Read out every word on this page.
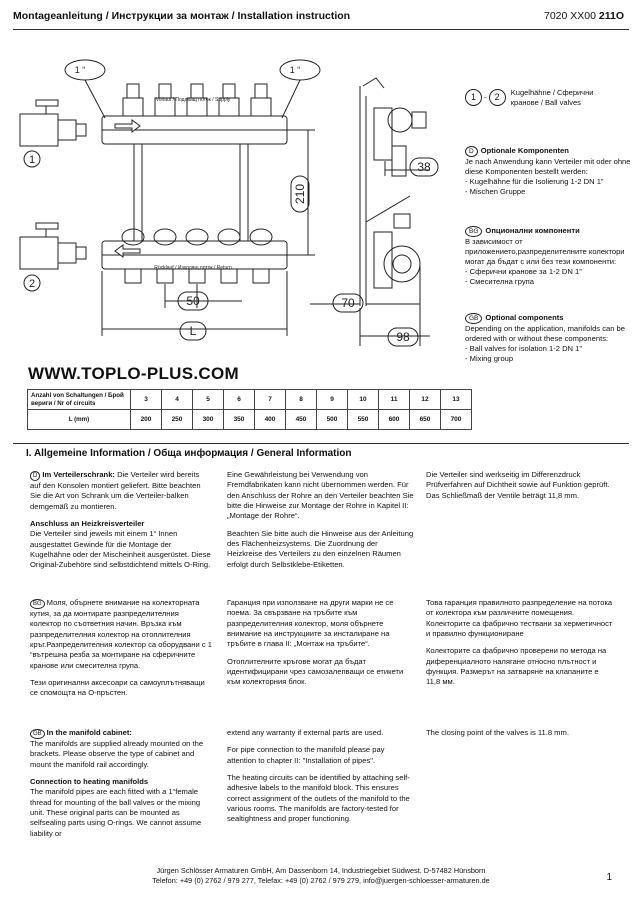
Montageanleitung / Инструкции за монтаж / Installation instruction	7020 XX00 211O
1 “	1 “
1
2
Vorlauf / Подаващ поток / Supply
Rücklauf / Изходящ поток / Return
50
L
210
38
70
98
1 - 2 Kugelhähne / Сферични кранове / Ball valves
D Optionale Komponenten
Je nach Anwendung kann Verteiler mit oder ohne diese Komponenten bestellt werden:
- Kugelhähne für die Isolierung 1-2 DN 1”
- Mischen Gruppe
BG Опционални компоненти
В зависимост от приложението,разпределителните колектори могат да бъдат с или без тези компоненти:
- Сферични кранове за 1-2 DN 1”
- Смесителна група
GB Optional components
Depending on the application, manifolds can be ordered with or without these components:
- Ball valves for isolation 1-2 DN 1”
- Mixing group
WWW.TOPLO-PLUS.COM
Anzahl von Schaltungen / Брой вериги / Nr of circuits	3	4	5	6	7	8	9	10	11	12	13
L (mm)	200	250	300	350	400	450	500	550	600	650	700
I. Allgemeine Information / Обща информация / General Information

D Im Verteilerschrank: Die Verteiler wird bereits auf den Konsolen montiert geliefert. Bitte beachten Sie die Art von Schrank um die Verteiler-balken demgemäß zu montieren.

Anschluss an Heizkreisverteiler
Die Verteiler sind jeweils mit einem 1“ Innen ausgestattet Gewinde für die Montage der Kugelhähne oder der Mischeinheit ausgerüstet. Diese Original-Zubehöre sind selbstdichtend mittels O-Ring.

Eine Gewährleistung bei Verwendung von Fremdfabrikaten kann nicht übernommen werden. Für den Anschluss der Rohre an den Verteiler beachten Sie bitte die Hinweise zur Montage der Rohre in Kapitel II: „Montage der Rohre“.

Beachten Sie bitte auch die Hinweise aus der Anleitung des Flächenheizsystems. Die Zuordnung der Heizkreise des Verteilers zu den einzelnen Räumen erfolgt durch Selbstklebe-Etiketten.

Die Verteiler sind werkseitig im Differenzdruck Prüfverfahren auf Dichtheit sowie auf Funktion geprüft. Das Schließmaß der Ventile beträgt 11,8 mm.

BG Моля, обърнете внимание на колекторната кутия, за да монтирате разпределителния колектор по съответния начин. Връзка към разпределителния колектор на отоплителния кръг.Разпределителния колектор са оборудвани с 1 “вътрешна резба за монтиране на сферичните кранове или смесителна група.

Тези оригинални аксесоари са самоуплътняващи се спомощта на О-пръстен.

Гаранция при използване на други марки не се поема. За свързване на тръбите към разпределителния колектор, моля обърнете внимание на инструкциите за инсталиране на тръбите в глава II: „Монтаж на тръбите“.

Отоплителните кръгове могат да бъдат идентифицирани чрез самозалепващи се етикети към колекторния блок.

Това гаранция правилното разпределение на потока от колектора към различните помещения. Колекторите са фабрично тествани за херметичност и правилно функциониране

Колекторите са фабрично проверени по метода на диференциалното налягане относно плътност и функция. Размерът на затваряне на клапаните е 11,8 мм.

GB In the manifold cabinet:
The manifolds are supplied already mounted on the brackets. Please observe the type of cabinet and mount the manifold rail accordingly.

Connection to heating manifolds
The manifold pipes are each fitted with a 1“female thread for mounting of the ball valves or the mixing unit. These original parts can be mounted as selfsealing parts using O-rings. We cannot assume liability or

extend any warranty if external parts are used.

For pipe connection to the manifold please pay attention to chapter II: "Installation of pipes".

The heating circuits can be identified by attaching self-adhesive labels to the manifold block. This ensures correct assignment of the outlets of the manifold to the various rooms. The manifolds are factory-tested for sealtightness and proper functioning.

The closing point of the valves is 11.8 mm.

Jürgen Schlösser Armaturen GmbH, Am Dassenborn 14, Industriegebiet Südwest, D-57482 Hünsborn
Telefon: +49 (0) 2762 / 979 277, Telefax: +49 (0) 2762 / 979 279, info@juergen-schloesser-armaturen.de	1
